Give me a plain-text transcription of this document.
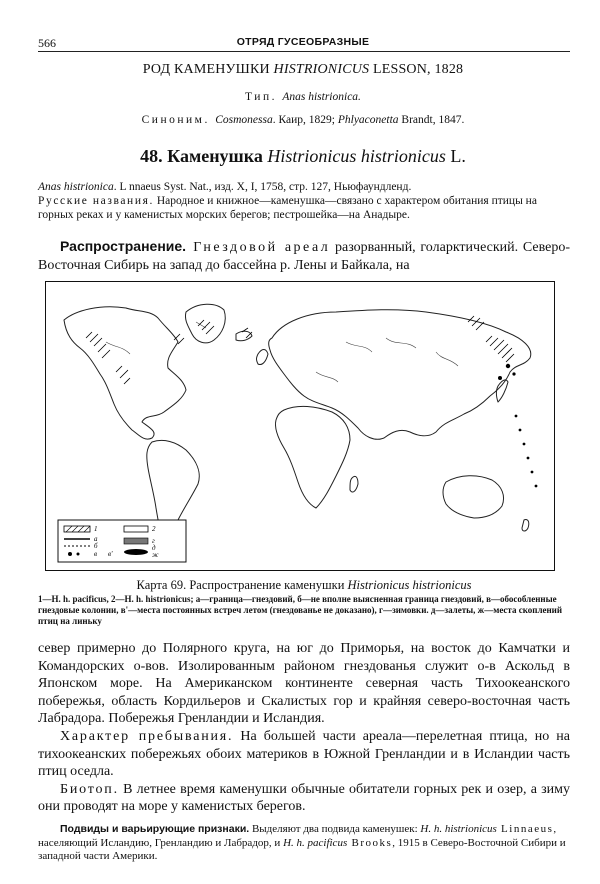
566	ОТРЯД ГУСЕОБРАЗНЫЕ
РОД КАМЕНУШКИ HISTRIONICUS LESSON, 1828
Тип. Anas histrionica.
Синоним. Cosmonessa. Каир, 1829; Phlyaconetta Brandt, 1847.
48. Каменушка Histrionicus histrionicus L.
Anas histrionica. L nnaeus Syst. Nat., изд. X, I, 1758, стр. 127, Ньюфаундленд.
Русские названия. Народное и книжное—каменушка—связано с характером обитания птицы на горных реках и у каменистых морских берегов; пестрошейка—на Анадыре.
Распространение. Гнездовой ареал разорванный, голарктический. Северо-Восточная Сибирь на запад до бассейна р. Лены и Байкала, на
1	2
а
б
в в'
г
д
ж
Карта 69. Распространение каменушки Histrionicus histrionicus
1—H. h. pacificus, 2—H. h. histrionicus; а—граница—гнездовий, б—не вполне выясненная граница гнездовий, в—обособленные гнездовые колонии, в'—места постоянных встреч летом (гнездованье не доказано), г—зимовки. д—залеты, ж—места скоплений птиц на линьку
север примерно до Полярного круга, на юг до Приморья, на восток до Камчатки и Командорских о-вов. Изолированным районом гнездованья служит о-в Аскольд в Японском море. На Американском континенте северная часть Тихоокеанского побережья, область Кордильеров и Скалистых гор и крайняя северо-восточная часть Лабрадора. Побережья Гренландии и Исландия.
Характер пребывания. На большей части ареала—перелетная птица, но на тихоокеанских побережьях обоих материков в Южной Гренландии и в Исландии часть птиц оседла.
Биотоп. В летнее время каменушки обычные обитатели горных рек и озер, а зиму они проводят на море у каменистых берегов.
Подвиды и варьирующие признаки. Выделяют два подвида каменушек: H. h. histrionicus Linnaeus, населяющий Исландию, Гренландию и Лабрадор, и H. h. pacificus Brooks, 1915 в Северо-Восточной Сибири и западной части Америки.
